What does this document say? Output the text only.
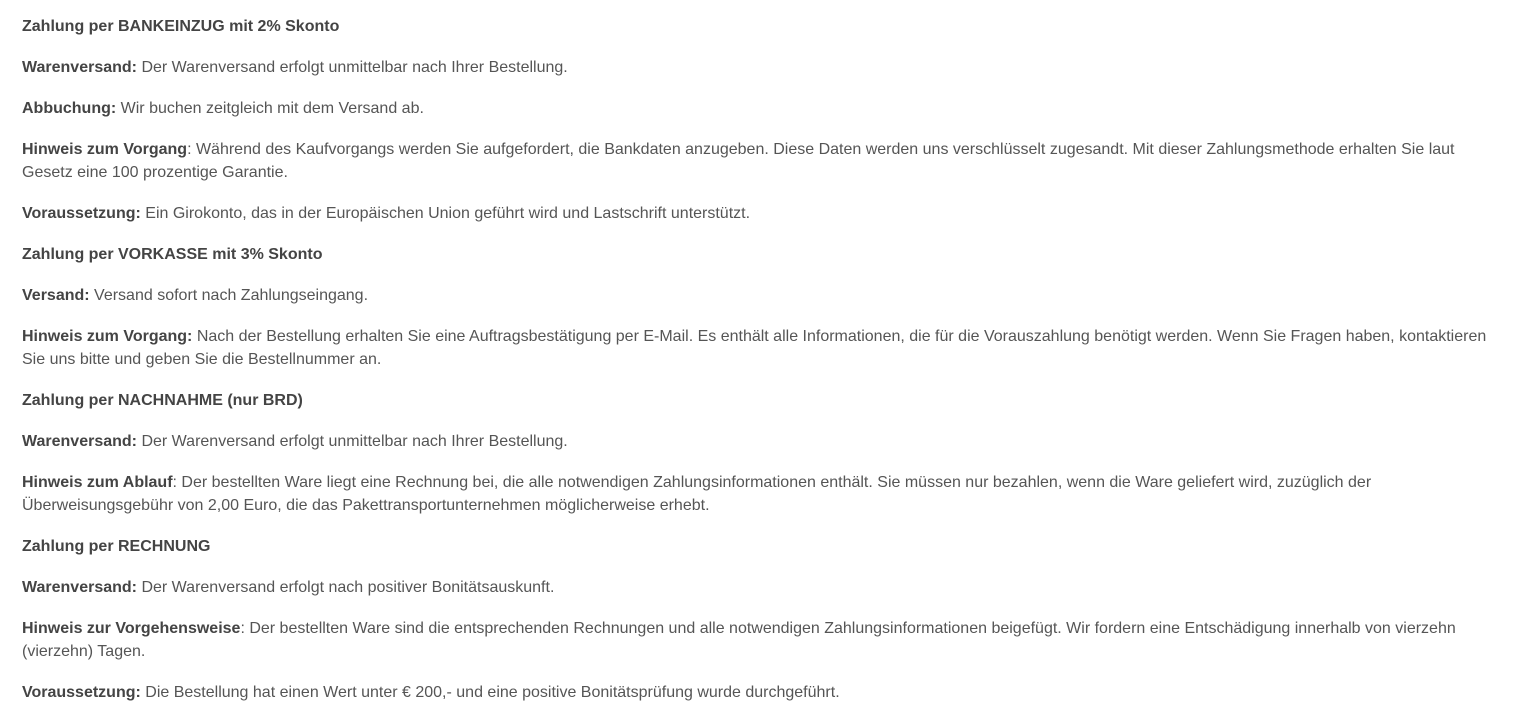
Zahlung per BANKEINZUG mit 2% Skonto

Warenversand: Der Warenversand erfolgt unmittelbar nach Ihrer Bestellung.

Abbuchung: Wir buchen zeitgleich mit dem Versand ab.

Hinweis zum Vorgang: Während des Kaufvorgangs werden Sie aufgefordert, die Bankdaten anzugeben. Diese Daten werden uns verschlüsselt zugesandt. Mit dieser Zahlungsmethode erhalten Sie laut Gesetz eine 100 prozentige Garantie.

Voraussetzung: Ein Girokonto, das in der Europäischen Union geführt wird und Lastschrift unterstützt.

Zahlung per VORKASSE mit 3% Skonto

Versand: Versand sofort nach Zahlungseingang.

Hinweis zum Vorgang: Nach der Bestellung erhalten Sie eine Auftragsbestätigung per E-Mail. Es enthält alle Informationen, die für die Vorauszahlung benötigt werden. Wenn Sie Fragen haben, kontaktieren Sie uns bitte und geben Sie die Bestellnummer an.

Zahlung per NACHNAHME (nur BRD)

Warenversand: Der Warenversand erfolgt unmittelbar nach Ihrer Bestellung.

Hinweis zum Ablauf: Der bestellten Ware liegt eine Rechnung bei, die alle notwendigen Zahlungsinformationen enthält. Sie müssen nur bezahlen, wenn die Ware geliefert wird, zuzüglich der Überweisungsgebühr von 2,00 Euro, die das Pakettransportunternehmen möglicherweise erhebt.

Zahlung per RECHNUNG

Warenversand: Der Warenversand erfolgt nach positiver Bonitätsauskunft.

Hinweis zur Vorgehensweise: Der bestellten Ware sind die entsprechenden Rechnungen und alle notwendigen Zahlungsinformationen beigefügt. Wir fordern eine Entschädigung innerhalb von vierzehn (vierzehn) Tagen.

Voraussetzung: Die Bestellung hat einen Wert unter € 200,- und eine positive Bonitätsprüfung wurde durchgeführt.
